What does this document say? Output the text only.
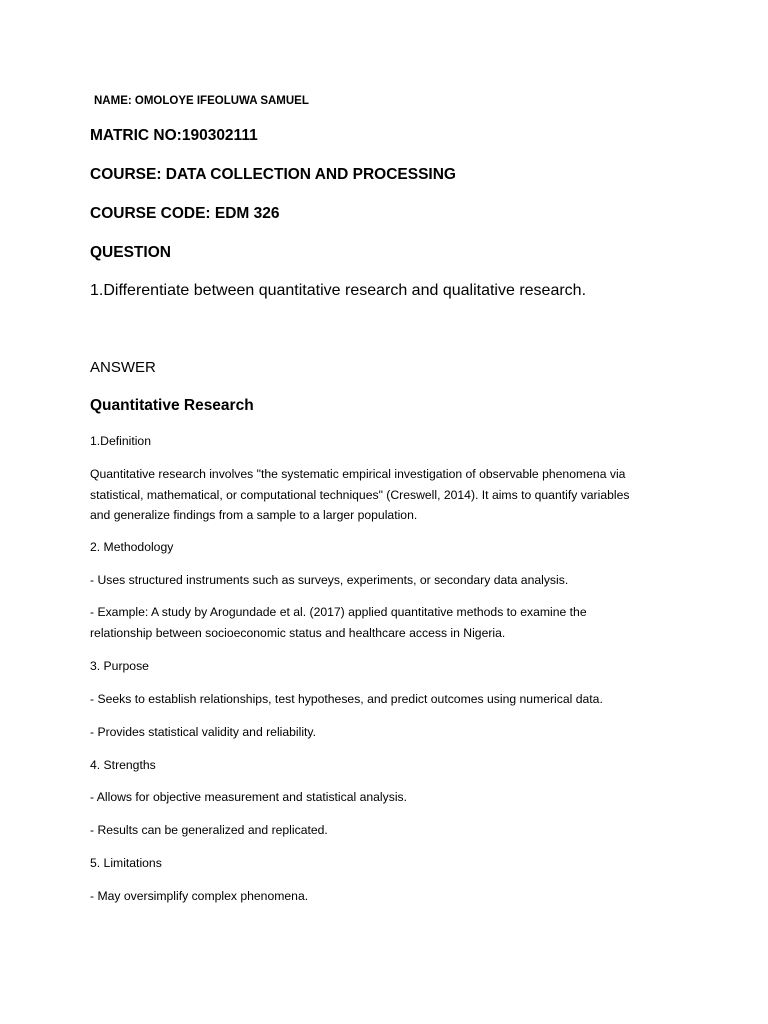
NAME: OMOLOYE IFEOLUWA SAMUEL
MATRIC NO:190302111
COURSE: DATA COLLECTION AND PROCESSING
COURSE CODE: EDM 326
QUESTION
1.Differentiate between quantitative research and qualitative research.
ANSWER
Quantitative Research
1.Definition
Quantitative research involves "the systematic empirical investigation of observable phenomena via
statistical, mathematical, or computational techniques" (Creswell, 2014). It aims to quantify variables
and generalize findings from a sample to a larger population.
2. Methodology
- Uses structured instruments such as surveys, experiments, or secondary data analysis.
- Example: A study by Arogundade et al. (2017) applied quantitative methods to examine the
relationship between socioeconomic status and healthcare access in Nigeria.
3. Purpose
- Seeks to establish relationships, test hypotheses, and predict outcomes using numerical data.
- Provides statistical validity and reliability.
4. Strengths
- Allows for objective measurement and statistical analysis.
- Results can be generalized and replicated.
5. Limitations
- May oversimplify complex phenomena.
